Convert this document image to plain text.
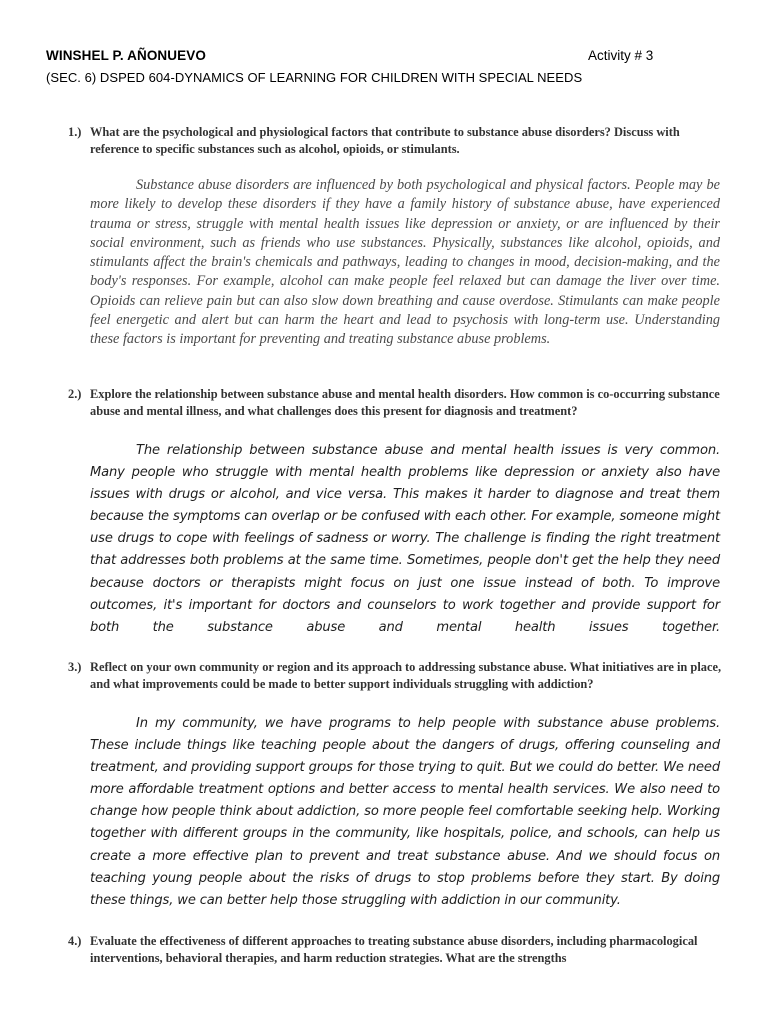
WINSHEL P. AÑONUEVO	Activity # 3
(SEC. 6) DSPED 604-DYNAMICS OF LEARNING FOR CHILDREN WITH SPECIAL NEEDS
1.) What are the psychological and physiological factors that contribute to substance abuse disorders? Discuss with reference to specific substances such as alcohol, opioids, or stimulants.
Substance abuse disorders are influenced by both psychological and physical factors. People may be more likely to develop these disorders if they have a family history of substance abuse, have experienced trauma or stress, struggle with mental health issues like depression or anxiety, or are influenced by their social environment, such as friends who use substances. Physically, substances like alcohol, opioids, and stimulants affect the brain's chemicals and pathways, leading to changes in mood, decision-making, and the body's responses. For example, alcohol can make people feel relaxed but can damage the liver over time. Opioids can relieve pain but can also slow down breathing and cause overdose. Stimulants can make people feel energetic and alert but can harm the heart and lead to psychosis with long-term use. Understanding these factors is important for preventing and treating substance abuse problems.
2.) Explore the relationship between substance abuse and mental health disorders. How common is co-occurring substance abuse and mental illness, and what challenges does this present for diagnosis and treatment?
The relationship between substance abuse and mental health issues is very common. Many people who struggle with mental health problems like depression or anxiety also have issues with drugs or alcohol, and vice versa. This makes it harder to diagnose and treat them because the symptoms can overlap or be confused with each other. For example, someone might use drugs to cope with feelings of sadness or worry. The challenge is finding the right treatment that addresses both problems at the same time. Sometimes, people don't get the help they need because doctors or therapists might focus on just one issue instead of both. To improve outcomes, it's important for doctors and counselors to work together and provide support for both the substance abuse and mental health issues together.
3.) Reflect on your own community or region and its approach to addressing substance abuse. What initiatives are in place, and what improvements could be made to better support individuals struggling with addiction?
In my community, we have programs to help people with substance abuse problems. These include things like teaching people about the dangers of drugs, offering counseling and treatment, and providing support groups for those trying to quit. But we could do better. We need more affordable treatment options and better access to mental health services. We also need to change how people think about addiction, so more people feel comfortable seeking help. Working together with different groups in the community, like hospitals, police, and schools, can help us create a more effective plan to prevent and treat substance abuse. And we should focus on teaching young people about the risks of drugs to stop problems before they start. By doing these things, we can better help those struggling with addiction in our community.
4.) Evaluate the effectiveness of different approaches to treating substance abuse disorders, including pharmacological interventions, behavioral therapies, and harm reduction strategies. What are the strengths
